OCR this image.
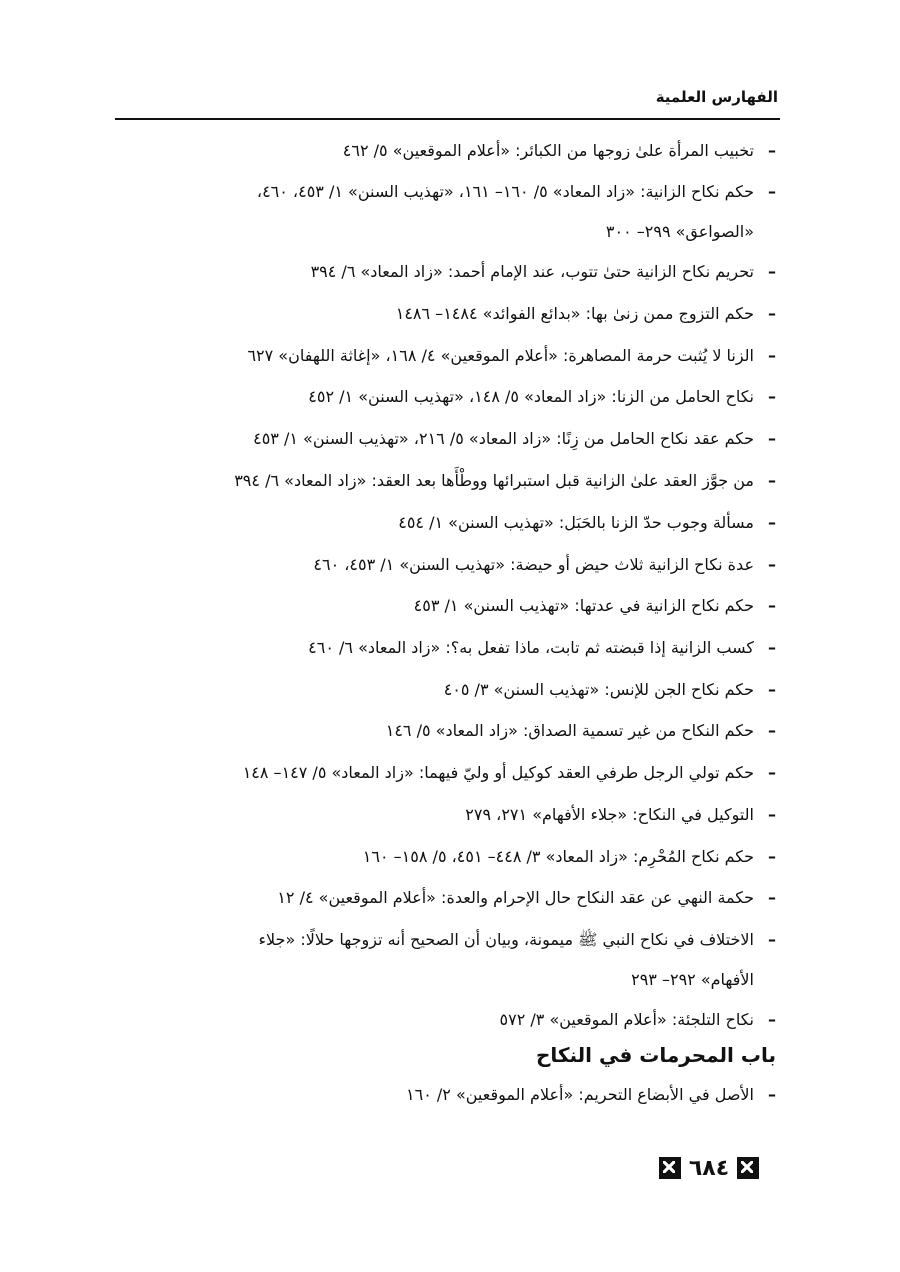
الفهارس العلمية
–تخبيب المرأة علىٰ زوجها من الكبائر: «أعلام الموقعين» ٥/ ٤٦٢
–حكم نكاح الزانية: «زاد المعاد» ٥/ ١٦٠– ١٦١، «تهذيب السنن» ١/ ٤٥٣، ٤٦٠،
«الصواعق» ٢٩٩– ٣٠٠
–تحريم نكاح الزانية حتىٰ تتوب، عند الإمام أحمد: «زاد المعاد» ٦/ ٣٩٤
–حكم التزوج ممن زنىٰ بها: «بدائع الفوائد» ١٤٨٤– ١٤٨٦
–الزنا لا يُثبت حرمة المصاهرة: «أعلام الموقعين» ٤/ ١٦٨، «إغاثة اللهفان» ٦٢٧
–نكاح الحامل من الزنا: «زاد المعاد» ٥/ ١٤٨، «تهذيب السنن» ١/ ٤٥٢
–حكم عقد نكاح الحامل من زِنًا: «زاد المعاد» ٥/ ٢١٦، «تهذيب السنن» ١/ ٤٥٣
–من جوَّز العقد علىٰ الزانية قبل استبرائها ووطْأَها بعد العقد: «زاد المعاد» ٦/ ٣٩٤
–مسألة وجوب حدّ الزنا بالحَبَل: «تهذيب السنن» ١/ ٤٥٤
–عدة نكاح الزانية ثلاث حيض أو حيضة: «تهذيب السنن» ١/ ٤٥٣، ٤٦٠
–حكم نكاح الزانية في عدتها: «تهذيب السنن» ١/ ٤٥٣
–كسب الزانية إذا قبضته ثم تابت، ماذا تفعل به؟: «زاد المعاد» ٦/ ٤٦٠
–حكم نكاح الجن للإنس: «تهذيب السنن» ٣/ ٤٠٥
–حكم النكاح من غير تسمية الصداق: «زاد المعاد» ٥/ ١٤٦
–حكم تولي الرجل طرفي العقد كوكيل أو وليّ فيهما: «زاد المعاد» ٥/ ١٤٧– ١٤٨
–التوكيل في النكاح: «جلاء الأفهام» ٢٧١، ٢٧٩
–حكم نكاح المُحْرِم: «زاد المعاد» ٣/ ٤٤٨– ٤٥١، ٥/ ١٥٨– ١٦٠
–حكمة النهي عن عقد النكاح حال الإحرام والعدة: «أعلام الموقعين» ٤/ ١٢
–الاختلاف في نكاح النبي ﷺ ميمونة، وبيان أن الصحيح أنه تزوجها حلالًا: «جلاء
الأفهام» ٢٩٢– ٢٩٣
–نكاح التلجئة: «أعلام الموقعين» ٣/ ٥٧٢
باب المحرمات في النكاح
–الأصل في الأبضاع التحريم: «أعلام الموقعين» ٢/ ١٦٠
٦٨٤
